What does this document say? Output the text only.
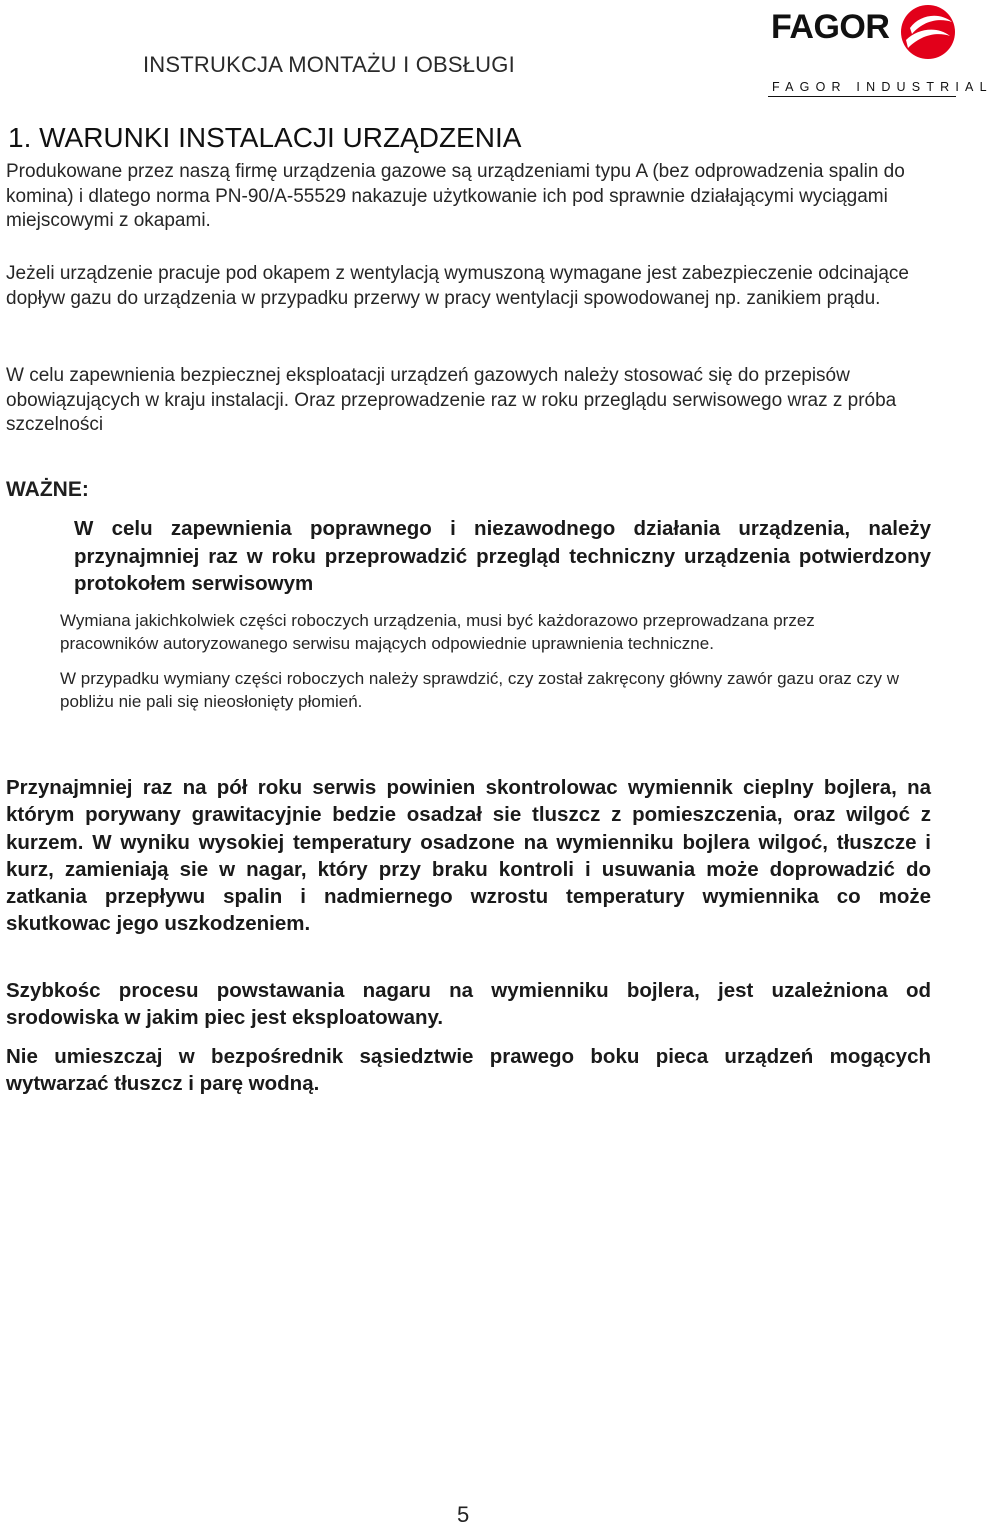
INSTRUKCJA MONTAŻU I OBSŁUGI
FAGOR
FAGOR INDUSTRIAL
1. WARUNKI INSTALACJI URZĄDZENIA

Produkowane przez naszą firmę urządzenia gazowe są urządzeniami typu A (bez odprowadzenia spalin do komina) i dlatego norma PN-90/A-55529 nakazuje użytkowanie ich pod sprawnie działającymi wyciągami miejscowymi z okapami.

Jeżeli urządzenie pracuje pod okapem z wentylacją wymuszoną wymagane jest zabezpieczenie odcinające dopływ gazu do urządzenia w przypadku przerwy w pracy wentylacji spowodowanej np. zanikiem prądu.

W celu zapewnienia bezpiecznej eksploatacji urządzeń gazowych należy stosować się do przepisów obowiązujących w kraju instalacji. Oraz przeprowadzenie raz w roku przeglądu serwisowego wraz z próba szczelności

WAŻNE:

W celu zapewnienia poprawnego i niezawodnego działania urządzenia, należy przynajmniej raz w roku przeprowadzić przegląd techniczny urządzenia potwierdzony protokołem serwisowym

Wymiana jakichkolwiek części roboczych urządzenia, musi być każdorazowo przeprowadzana przez pracowników autoryzowanego serwisu mających odpowiednie uprawnienia techniczne.

W przypadku wymiany części roboczych należy sprawdzić, czy został zakręcony główny zawór gazu oraz czy w pobliżu nie pali się nieosłonięty płomień.

Przynajmniej raz na pół roku serwis powinien skontrolowac wymiennik cieplny bojlera, na którym porywany grawitacyjnie bedzie osadzał sie tluszcz z pomieszczenia, oraz wilgoć z kurzem. W wyniku wysokiej temperatury osadzone na wymienniku bojlera wilgoć, tłuszcze i kurz, zamieniają sie w nagar, który przy braku kontroli i usuwania może doprowadzić do zatkania przepływu spalin i nadmiernego wzrostu temperatury wymiennika co może skutkowac jego uszkodzeniem.

Szybkośc procesu powstawania nagaru na wymienniku bojlera, jest uzależniona od srodowiska w jakim piec jest eksploatowany.

Nie umieszczaj w bezpośrednik sąsiedztwie prawego boku pieca urządzeń mogących wytwarzać tłuszcz i parę wodną.

5
